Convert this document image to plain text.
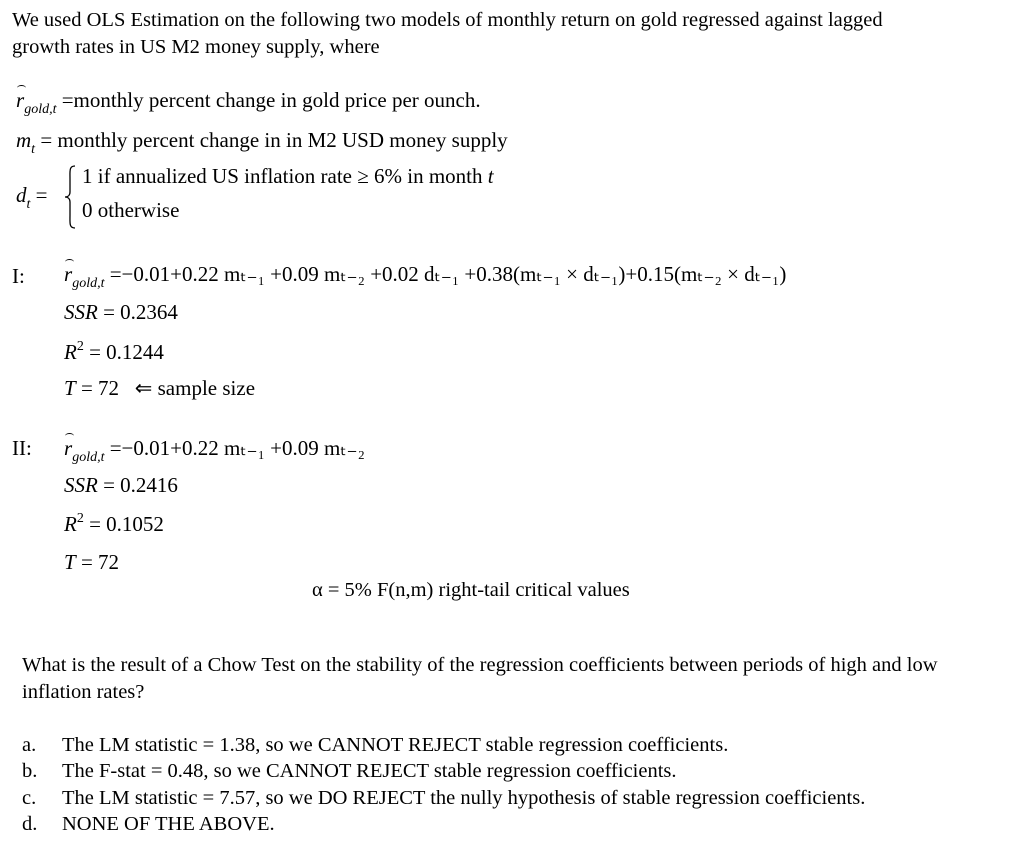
We used OLS Estimation on the following two models of monthly return on gold regressed against lagged
growth rates in US M2 money supply, where
$r_{gold,t}$ =monthly percent change in gold price per ounch.
$m_t$ = monthly percent change in in M2 USD money supply
$d_t$ =
1 if annualized US inflation rate ≥ 6% in month t
0 otherwise
I: $r_{gold,t} =-0.01+0.22$ mₜ₋₁ +0.09 mₜ₋₂ +0.02 dₜ₋₁ +0.38(mₜ₋₁ × dₜ₋₁)+0.15(mₜ₋₂ × dₜ₋₁)
SSR = 0.2364
$R^2 = 0.1244$
T = 72 ⇐ sample size
II: $r_{gold,t} =-0.01+0.22$ mₜ₋₁ +0.09 mₜ₋₂
SSR = 0.2416
$R^2 = 0.1052$
T = 72
α = 5% F(n,m) right-tail critical values
What is the result of a Chow Test on the stability of the regression coefficients between periods of high and low inflation rates?
a. The LM statistic = 1.38, so we CANNOT REJECT stable regression coefficients.
b. The F-stat = 0.48, so we CANNOT REJECT stable regression coefficients.
c. The LM statistic = 7.57, so we DO REJECT the nully hypothesis of stable regression coefficients.
d. NONE OF THE ABOVE.
